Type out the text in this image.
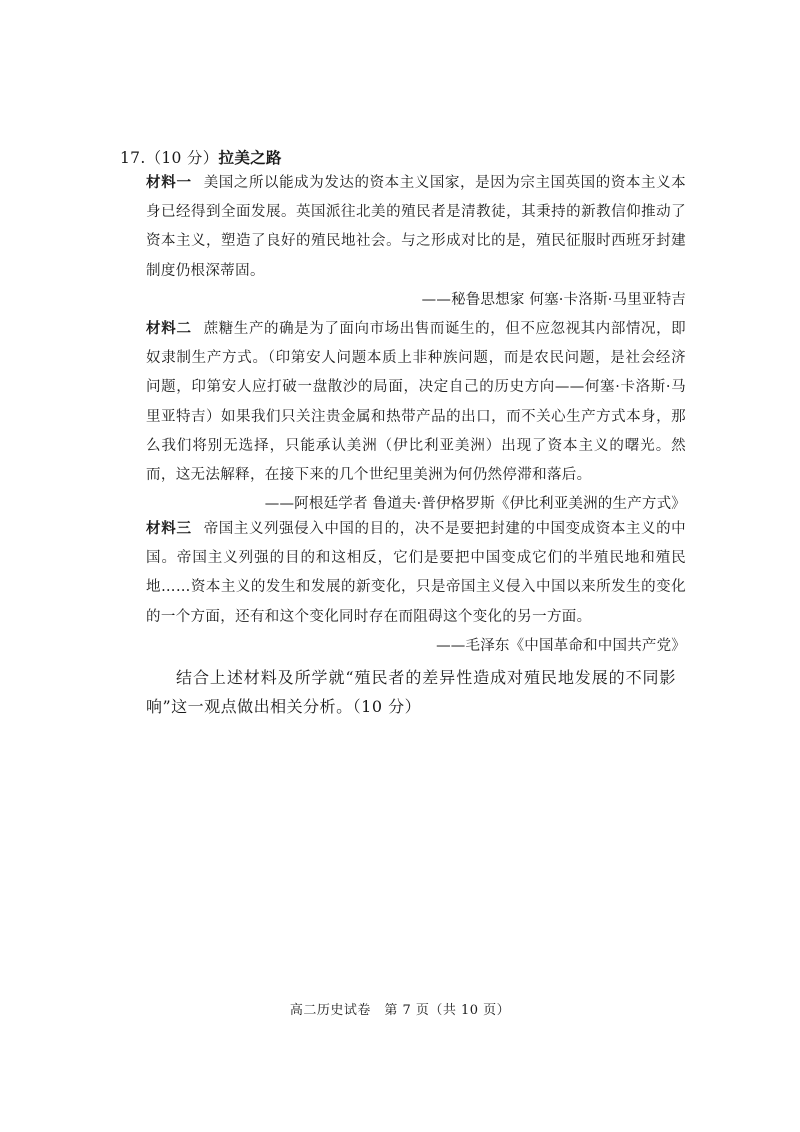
17.（10 分）拉美之路
材料一 美国之所以能成为发达的资本主义国家，是因为宗主国英国的资本主义本身已经得到全面发展。英国派往北美的殖民者是清教徒，其秉持的新教信仰推动了资本主义，塑造了良好的殖民地社会。与之形成对比的是，殖民征服时西班牙封建制度仍根深蒂固。
——秘鲁思想家 何塞·卡洛斯·马里亚特吉
材料二 蔗糖生产的确是为了面向市场出售而诞生的，但不应忽视其内部情况，即奴隶制生产方式。（印第安人问题本质上非种族问题，而是农民问题，是社会经济问题，印第安人应打破一盘散沙的局面，决定自己的历史方向——何塞·卡洛斯·马里亚特吉）如果我们只关注贵金属和热带产品的出口，而不关心生产方式本身，那么我们将别无选择，只能承认美洲（伊比利亚美洲）出现了资本主义的曙光。然而，这无法解释，在接下来的几个世纪里美洲为何仍然停滞和落后。
——阿根廷学者 鲁道夫·普伊格罗斯《伊比利亚美洲的生产方式》
材料三 帝国主义列强侵入中国的目的，决不是要把封建的中国变成资本主义的中国。帝国主义列强的目的和这相反，它们是要把中国变成它们的半殖民地和殖民地……资本主义的发生和发展的新变化，只是帝国主义侵入中国以来所发生的变化的一个方面，还有和这个变化同时存在而阻碍这个变化的另一方面。
——毛泽东《中国革命和中国共产党》
结合上述材料及所学就“殖民者的差异性造成对殖民地发展的不同影响”这一观点做出相关分析。（10 分）
高二历史试卷　第 7 页（共 10 页）
